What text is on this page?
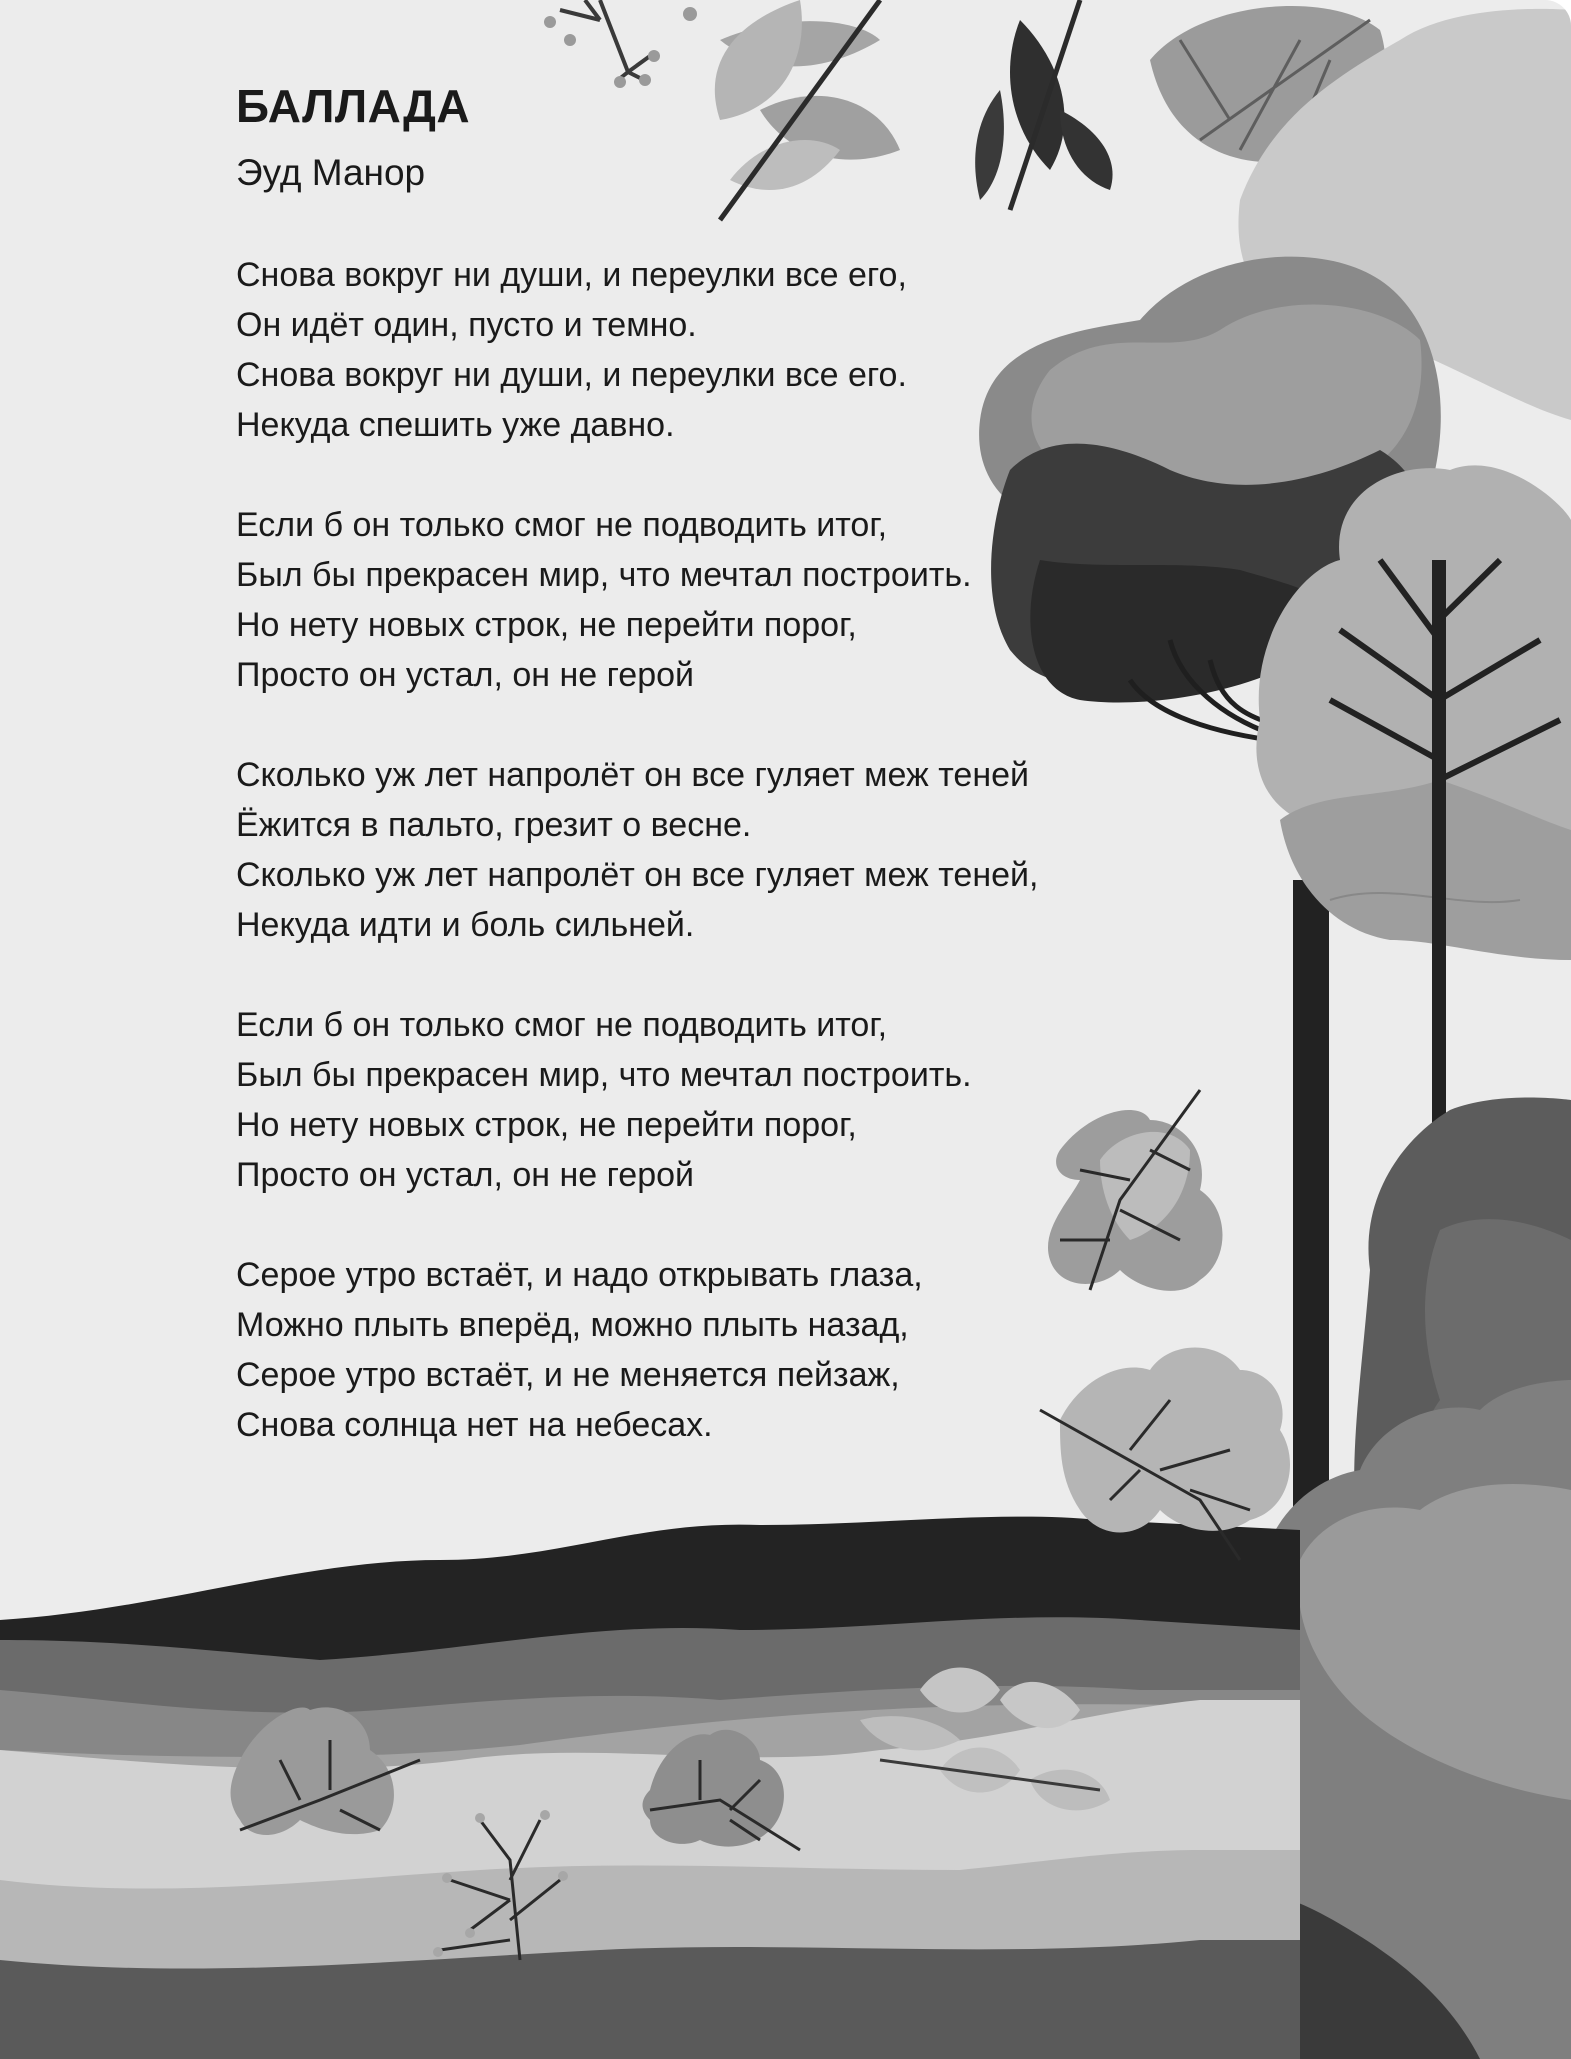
БАЛЛАДА
Эуд Манор
Снова вокруг ни души, и переулки все его,
Он идёт один, пусто и темно.
Снова вокруг ни души, и переулки все его.
Некуда спешить уже давно.
Если б он только смог не подводить итог,
Был бы прекрасен мир, что мечтал построить.
Но нету новых строк, не перейти порог,
Просто он устал, он не герой
Сколько уж лет напролёт он все гуляет меж теней
Ёжится в пальто, грезит о весне.
Сколько уж лет напролёт он все гуляет меж теней,
Некуда идти и боль сильней.
Если б он только смог не подводить итог,
Был бы прекрасен мир, что мечтал построить.
Но нету новых строк, не перейти порог,
Просто он устал, он не герой
Серое утро встаёт, и надо открывать глаза,
Можно плыть вперёд, можно плыть назад,
Серое утро встаёт, и не меняется пейзаж,
Снова солнца нет на небесах.
